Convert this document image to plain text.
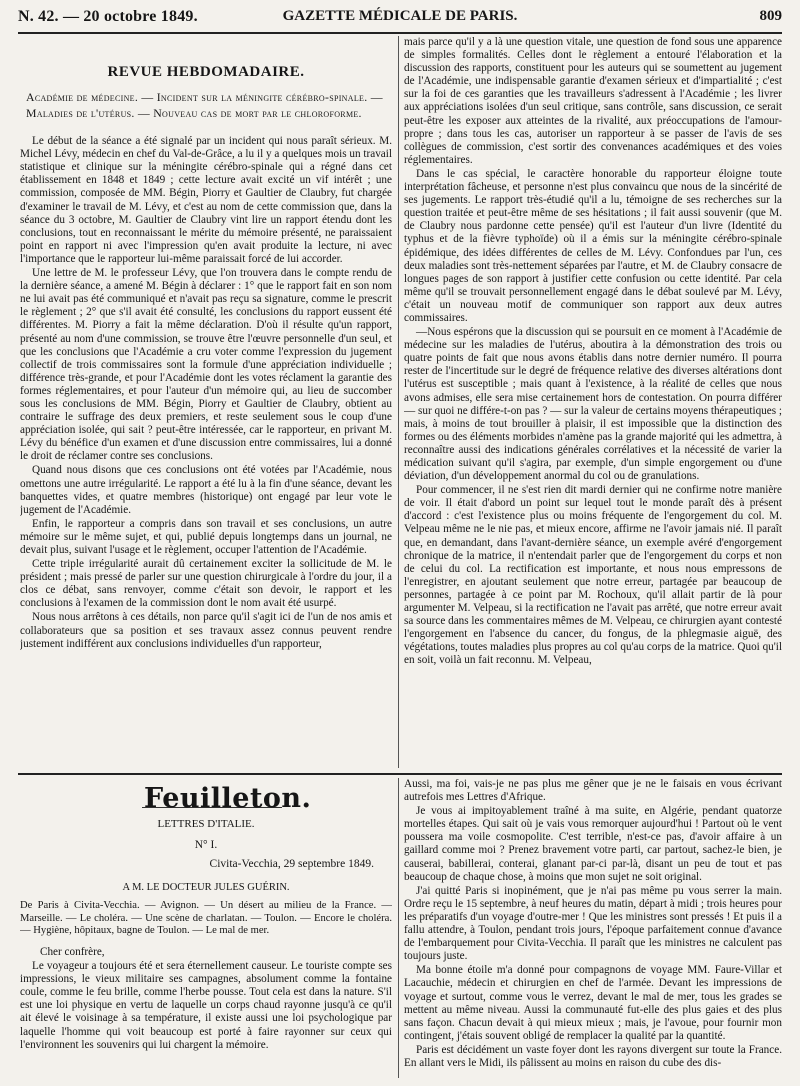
N. 42. — 20 octobre 1849.	GAZETTE MÉDICALE DE PARIS.	809
REVUE HEBDOMADAIRE.

Académie de médecine. — Incident sur la méningite cérébro-spinale. — Maladies de l'utérus. — Nouveau cas de mort par le chloroforme.

Le début de la séance a été signalé par un incident qui nous paraît sérieux. M. Michel Lévy, médecin en chef du Val-de-Grâce, a lu il y a quelques mois un travail statistique et clinique sur la méningite cérébro-spinale qui a régné dans cet établissement en 1848 et 1849 ; cette lecture avait excité un vif intérêt ; une commission, composée de MM. Bégin, Piorry et Gaultier de Claubry, fut chargée d'examiner le travail de M. Lévy, et c'est au nom de cette commission que, dans la séance du 3 octobre, M. Gaultier de Claubry vint lire un rapport étendu dont les conclusions, tout en reconnaissant le mérite du mémoire présenté, ne paraissaient point en rapport ni avec l'impression qu'en avait produite la lecture, ni avec l'importance que le rapporteur lui-même paraissait forcé de lui accorder.

Une lettre de M. le professeur Lévy, que l'on trouvera dans le compte rendu de la dernière séance, a amené M. Bégin à déclarer : 1° que le rapport fait en son nom ne lui avait pas été communiqué et n'avait pas reçu sa signature, comme le prescrit le règlement ; 2° que s'il avait été consulté, les conclusions du rapport eussent été différentes. M. Piorry a fait la même déclaration. D'où il résulte qu'un rapport, présenté au nom d'une commission, se trouve être l'œuvre personnelle d'un seul, et que les conclusions que l'Académie a cru voter comme l'expression du jugement collectif de trois commissaires sont la formule d'une appréciation individuelle ; différence très-grande, et pour l'Académie dont les votes réclament la garantie des formes réglementaires, et pour l'auteur d'un mémoire qui, au lieu de succomber sous les conclusions de MM. Bégin, Piorry et Gaultier de Claubry, obtient au contraire le suffrage des deux premiers, et reste seulement sous le coup d'une appréciation isolée, qui sait ? peut-être intéressée, car le rapporteur, en privant M. Lévy du bénéfice d'un examen et d'une discussion entre commissaires, lui a donné le droit de réclamer contre ses conclusions.

Quand nous disons que ces conclusions ont été votées par l'Académie, nous omettons une autre irrégularité. Le rapport a été lu à la fin d'une séance, devant les banquettes vides, et quatre membres (historique) ont engagé par leur vote le jugement de l'Académie.

Enfin, le rapporteur a compris dans son travail et ses conclusions, un autre mémoire sur le même sujet, et qui, publié depuis longtemps dans un journal, ne devait plus, suivant l'usage et le règlement, occuper l'attention de l'Académie.

Cette triple irrégularité aurait dû certainement exciter la sollicitude de M. le président ; mais pressé de parler sur une question chirurgicale à l'ordre du jour, il a clos ce débat, sans renvoyer, comme c'était son devoir, le rapport et les conclusions à l'examen de la commission dont le nom avait été usurpé.

Nous nous arrêtons à ces détails, non parce qu'il s'agit ici de l'un de nos amis et collaborateurs que sa position et ses travaux assez connus peuvent rendre justement indifférent aux conclusions individuelles d'un rapporteur,

mais parce qu'il y a là une question vitale, une question de fond sous une apparence de simples formalités. Celles dont le règlement a entouré l'élaboration et la discussion des rapports, constituent pour les auteurs qui se soumettent au jugement de l'Académie, une indispensable garantie d'examen sérieux et d'impartialité ; c'est sur la foi de ces garanties que les travailleurs s'adressent à l'Académie ; les livrer aux appréciations isolées d'un seul critique, sans contrôle, sans discussion, ce serait peut-être les exposer aux atteintes de la rivalité, aux préoccupations de l'amour-propre ; dans tous les cas, autoriser un rapporteur à se passer de l'avis de ses collègues de commission, c'est sortir des convenances académiques et des voies réglementaires.

Dans le cas spécial, le caractère honorable du rapporteur éloigne toute interprétation fâcheuse, et personne n'est plus convaincu que nous de la sincérité de ses jugements. Le rapport très-étudié qu'il a lu, témoigne de ses recherches sur la question traitée et peut-être même de ses hésitations ; il fait aussi souvenir (que M. de Claubry nous pardonne cette pensée) qu'il est l'auteur d'un livre (Identité du typhus et de la fièvre typhoïde) où il a émis sur la méningite cérébro-spinale épidémique, des idées différentes de celles de M. Lévy. Confondues par l'un, ces deux maladies sont très-nettement séparées par l'autre, et M. de Claubry consacre de longues pages de son rapport à justifier cette confusion ou cette identité. Par cela même qu'il se trouvait personnellement engagé dans le débat soulevé par M. Lévy, c'était un nouveau motif de communiquer son rapport aux deux autres commissaires.

—Nous espérons que la discussion qui se poursuit en ce moment à l'Académie de médecine sur les maladies de l'utérus, aboutira à la démonstration des trois ou quatre points de fait que nous avons établis dans notre dernier numéro. Il pourra rester de l'incertitude sur le degré de fréquence relative des diverses altérations dont l'utérus est susceptible ; mais quant à l'existence, à la réalité de celles que nous avons admises, elle sera mise certainement hors de contestation. On pourra différer — sur quoi ne différe-t-on pas ? — sur la valeur de certains moyens thérapeutiques ; mais, à moins de tout brouiller à plaisir, il est impossible que la distinction des formes ou des éléments morbides n'amène pas la grande majorité qui les admettra, à reconnaître aussi des indications générales corrélatives et la nécessité de varier la médication suivant qu'il s'agira, par exemple, d'un simple engorgement ou d'une déviation, d'un développement anormal du col ou de granulations.

Pour commencer, il ne s'est rien dit mardi dernier qui ne confirme notre manière de voir. Il était d'abord un point sur lequel tout le monde paraît dès à présent d'accord : c'est l'existence plus ou moins fréquente de l'engorgement du col. M. Velpeau même ne le nie pas, et mieux encore, affirme ne l'avoir jamais nié. Il paraît que, en demandant, dans l'avant-dernière séance, un exemple avéré d'engorgement chronique de la matrice, il n'entendait parler que de l'engorgement du corps et non de celui du col. La rectification est importante, et nous nous empressons de l'enregistrer, en ajoutant seulement que notre erreur, partagée par beaucoup de personnes, partagée à ce point par M. Rochoux, qu'il allait partir de là pour argumenter M. Velpeau, si la rectification ne l'avait pas arrêté, que notre erreur avait sa source dans les commentaires mêmes de M. Velpeau, ce chirurgien ayant contesté l'engorgement en l'absence du cancer, du fongus, de la phlegmasie aiguë, des végétations, toutes maladies plus propres au col qu'au corps de la matrice. Quoi qu'il en soit, voilà un fait reconnu. M. Velpeau,

Feuilleton.
LETTRES D'ITALIE.
N° I.
Civita-Vecchia, 29 septembre 1849.
A M. LE DOCTEUR JULES GUÉRIN.

De Paris à Civita-Vecchia. — Avignon. — Un désert au milieu de la France. — Marseille. — Le choléra. — Une scène de charlatan. — Toulon. — Encore le choléra. — Hygiène, hôpitaux, bagne de Toulon. — Le mal de mer.

Cher confrère,

Le voyageur a toujours été et sera éternellement causeur. Le touriste compte ses impressions, le vieux militaire ses campagnes, absolument comme la fontaine coule, comme le feu brille, comme l'herbe pousse. Tout cela est dans la nature. S'il est une loi physique en vertu de laquelle un corps chaud rayonne jusqu'à ce qu'il ait élevé le voisinage à sa température, il existe aussi une loi psychologique par laquelle l'homme qui voit beaucoup est porté à faire rayonner sur ceux qui l'environnent les souvenirs qui lui chargent la mémoire.

Aussi, ma foi, vais-je ne pas plus me gêner que je ne le faisais en vous écrivant autrefois mes Lettres d'Afrique.

Je vous ai impitoyablement traîné à ma suite, en Algérie, pendant quatorze mortelles étapes. Qui sait où je vais vous remorquer aujourd'hui ! Partout où le vent poussera ma voile cosmopolite. C'est terrible, n'est-ce pas, d'avoir affaire à un gaillard comme moi ? Prenez bravement votre parti, car partout, sachez-le bien, je causerai, babillerai, conterai, glanant par-ci par-là, disant un peu de tout et pas beaucoup de chaque chose, à moins que mon sujet ne soit original.

J'ai quitté Paris si inopinément, que je n'ai pas même pu vous serrer la main. Ordre reçu le 15 septembre, à neuf heures du matin, départ à midi ; trois heures pour les préparatifs d'un voyage d'outre-mer ! Que les ministres sont pressés ! Et puis il a fallu attendre, à Toulon, pendant trois jours, l'époque parfaitement connue d'avance de l'embarquement pour Civita-Vecchia. Il paraît que les ministres ne calculent pas toujours juste.

Ma bonne étoile m'a donné pour compagnons de voyage MM. Faure-Villar et Lacauchie, médecin et chirurgien en chef de l'armée. Devant les impressions de voyage et surtout, comme vous le verrez, devant le mal de mer, tous les grades se mettent au même niveau. Aussi la communauté fut-elle des plus gaies et des plus sans façon. Chacun devait à qui mieux mieux ; mais, je l'avoue, pour fournir mon contingent, j'étais souvent obligé de remplacer la qualité par la quantité.

Paris est décidément un vaste foyer dont les rayons divergent sur toute la France. En allant vers le Midi, ils pâlissent au moins en raison du cube des dis-
